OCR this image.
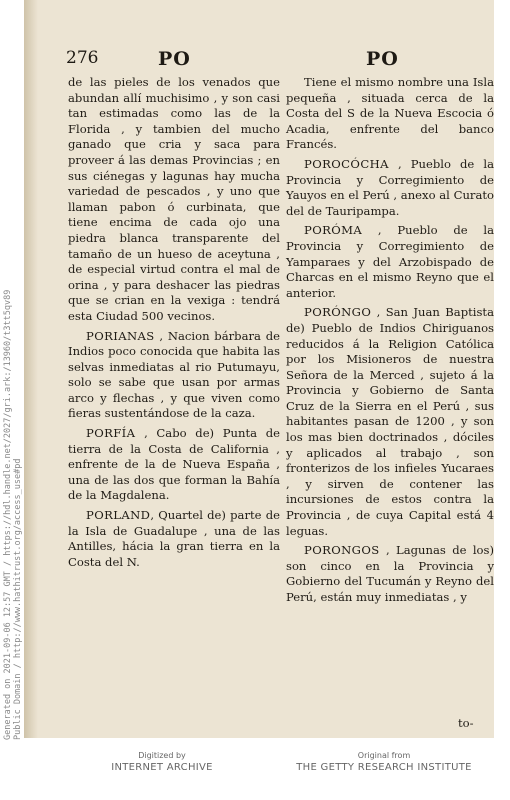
276	PO	PO

de las pieles de los venados que abundan allí muchisimo , y son casi tan estimadas como las de la Florida , y tambien del mucho ganado que cria y saca para proveer á las demas Provincias ; en sus ciénegas y lagunas hay mucha variedad de pescados , y uno que llaman pabon ó curbinata, que tiene encima de cada ojo una piedra blanca transparente del tamaño de un hueso de aceytuna , de especial virtud contra el mal de orina , y para deshacer las piedras que se crian en la vexiga : tendrá esta Ciudad 500 vecinos.

PORIANAS , Nacion bárbara de Indios poco conocida que habita las selvas inmediatas al rio Putumayu, solo se sabe que usan por armas arco y flechas , y que viven como fieras sustentándose de la caza.

PORFÍA , Cabo de) Punta de tierra de la Costa de California , enfrente de la de Nueva España , una de las dos que forman la Bahía de la Magdalena.

PORLAND, Quartel de) parte de la Isla de Guadalupe , una de las Antilles, hácia la gran tierra en la Costa del N.

Tiene el mismo nombre una Isla pequeña , situada cerca de la Costa del S de la Nueva Escocia ó Acadia, enfrente del banco Francés.

POROCÓCHA , Pueblo de la Provincia y Corregimiento de Yauyos en el Perú , anexo al Curato del de Tauripampa.

PORÓMA , Pueblo de la Provincia y Corregimiento de Yamparaes y del Arzobispado de Charcas en el mismo Reyno que el anterior.

PORÓNGO , San Juan Baptista de) Pueblo de Indios Chiriguanos reducidos á la Religion Católica por los Misioneros de nuestra Señora de la Merced , sujeto á la Provincia y Gobierno de Santa Cruz de la Sierra en el Perú , sus habitantes pasan de 1200 , y son los mas bien doctrinados , dóciles y aplicados al trabajo , son fronterizos de los infieles Yucaraes , y sirven de contener las incursiones de estos contra la Provincia , de cuya Capital está 4 leguas.

PORONGOS , Lagunas de los) son cinco en la Provincia y Gobierno del Tucumán y Reyno del Perú, están muy inmediatas , y

to-
Generated on 2021-09-06 12:57 GMT / https://hdl.handle.net/2027/gri.ark:/13960/t3tt5qv89 Public Domain / http://www.hathitrust.org/access_use#pd
Digitized by
INTERNET ARCHIVE
Original from
THE GETTY RESEARCH INSTITUTE
